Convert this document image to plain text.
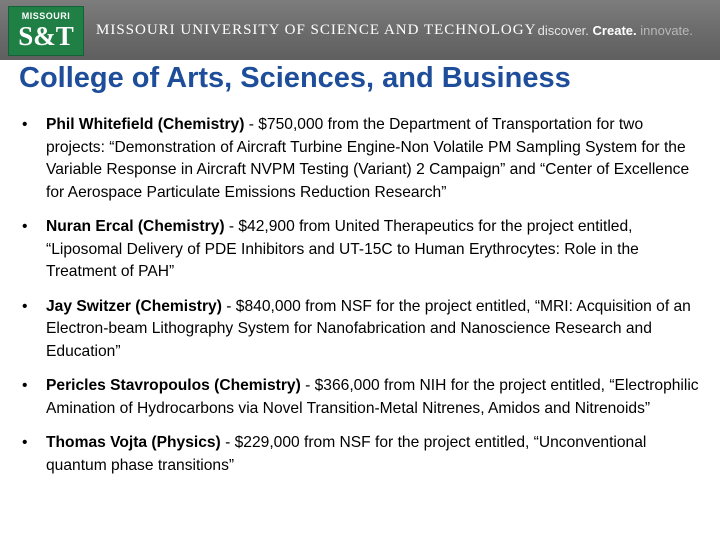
MISSOURI
S&T	MISSOURI UNIVERSITY OF SCIENCE AND TECHNOLOGY discover. Create. innovate.
College of Arts, Sciences, and Business
• Phil Whitefield (Chemistry) - $750,000 from the Department of Transportation for two projects: “Demonstration of Aircraft Turbine Engine-Non Volatile PM Sampling System for the Variable Response in Aircraft NVPM Testing (Variant) 2 Campaign” and “Center of Excellence for Aerospace Particulate Emissions Reduction Research”
• Nuran Ercal (Chemistry) - $42,900 from United Therapeutics for the project entitled, “Liposomal Delivery of PDE Inhibitors and UT-15C to Human Erythrocytes: Role in the Treatment of PAH”
• Jay Switzer (Chemistry) - $840,000 from NSF for the project entitled, “MRI: Acquisition of an Electron-beam Lithography System for Nanofabrication and Nanoscience Research and Education”
• Pericles Stavropoulos (Chemistry) - $366,000 from NIH for the project entitled, “Electrophilic Amination of Hydrocarbons via Novel Transition-Metal Nitrenes, Amidos and Nitrenoids”
• Thomas Vojta (Physics) - $229,000 from NSF for the project entitled, “Unconventional quantum phase transitions”
